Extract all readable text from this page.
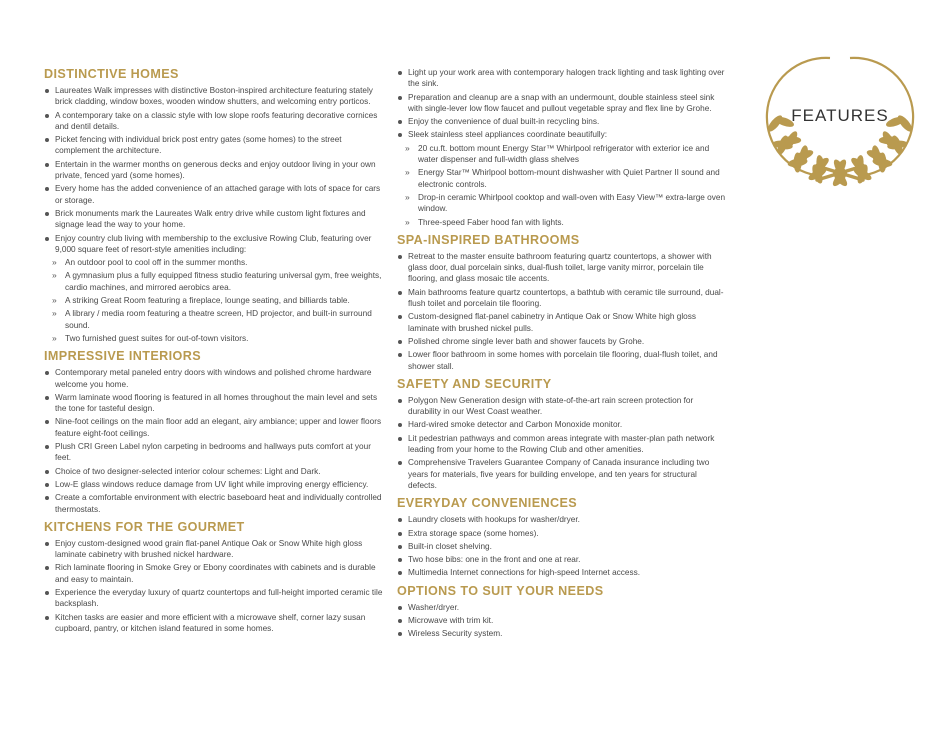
DISTINCTIVE HOMES
Laureates Walk impresses with distinctive Boston-inspired architecture featuring stately brick cladding, window boxes, wooden window shutters, and welcoming entry porticos.
A contemporary take on a classic style with low slope roofs featuring decorative cornices and dentil details.
Picket fencing with individual brick post entry gates (some homes) to the street complement the architecture.
Entertain in the warmer months on generous decks and enjoy outdoor living in your own private, fenced yard (some homes).
Every home has the added convenience of an attached garage with lots of space for cars or storage.
Brick monuments mark the Laureates Walk entry drive while custom light fixtures and signage lead the way to your home.
Enjoy country club living with membership to the exclusive Rowing Club, featuring over 9,000 square feet of resort-style amenities including:
» An outdoor pool to cool off in the summer months.
» A gymnasium plus a fully equipped fitness studio featuring universal gym, free weights, cardio machines, and mirrored aerobics area.
» A striking Great Room featuring a fireplace, lounge seating, and billiards table.
» A library / media room featuring a theatre screen, HD projector, and built-in surround sound.
» Two furnished guest suites for out-of-town visitors.
IMPRESSIVE INTERIORS
Contemporary metal paneled entry doors with windows and polished chrome hardware welcome you home.
Warm laminate wood flooring is featured in all homes throughout the main level and sets the tone for tasteful design.
Nine-foot ceilings on the main floor add an elegant, airy ambiance; upper and lower floors feature eight-foot ceilings.
Plush CRI Green Label nylon carpeting in bedrooms and hallways puts comfort at your feet.
Choice of two designer-selected interior colour schemes: Light and Dark.
Low-E glass windows reduce damage from UV light while improving energy efficiency.
Create a comfortable environment with electric baseboard heat and individually controlled thermostats.
KITCHENS FOR THE GOURMET
Enjoy custom-designed wood grain flat-panel Antique Oak or Snow White high gloss laminate cabinetry with brushed nickel hardware.
Rich laminate flooring in Smoke Grey or Ebony coordinates with cabinets and is durable and easy to maintain.
Experience the everyday luxury of quartz countertops and full-height imported ceramic tile backsplash.
Kitchen tasks are easier and more efficient with a microwave shelf, corner lazy susan cupboard, pantry, or kitchen island featured in some homes.
Light up your work area with contemporary halogen track lighting and task lighting over the sink.
Preparation and cleanup are a snap with an undermount, double stainless steel sink with single-lever low flow faucet and pullout vegetable spray and flex line by Grohe.
Enjoy the convenience of dual built-in recycling bins.
Sleek stainless steel appliances coordinate beautifully:
» 20 cu.ft. bottom mount Energy Star™ Whirlpool refrigerator with exterior ice and water dispenser and full-width glass shelves
» Energy Star™ Whirlpool bottom-mount dishwasher with Quiet Partner II sound and electronic controls.
» Drop-in ceramic Whirlpool cooktop and wall-oven with Easy View™ extra-large oven window.
» Three-speed Faber hood fan with lights.
SPA-INSPIRED BATHROOMS
Retreat to the master ensuite bathroom featuring quartz countertops, a shower with glass door, dual porcelain sinks, dual-flush toilet, large vanity mirror, porcelain tile flooring, and glass mosaic tile accents.
Main bathrooms feature quartz countertops, a bathtub with ceramic tile surround, dual-flush toilet and porcelain tile flooring.
Custom-designed flat-panel cabinetry in Antique Oak or Snow White high gloss laminate with brushed nickel pulls.
Polished chrome single lever bath and shower faucets by Grohe.
Lower floor bathroom in some homes with porcelain tile flooring, dual-flush toilet, and shower stall.
SAFETY AND SECURITY
Polygon New Generation design with state-of-the-art rain screen protection for durability in our West Coast weather.
Hard-wired smoke detector and Carbon Monoxide monitor.
Lit pedestrian pathways and common areas integrate with master-plan path network leading from your home to the Rowing Club and other amenities.
Comprehensive Travelers Guarantee Company of Canada insurance including two years for materials, five years for building envelope, and ten years for structural defects.
EVERYDAY CONVENIENCES
Laundry closets with hookups for washer/dryer.
Extra storage space (some homes).
Built-in closet shelving.
Two hose bibs: one in the front and one at rear.
Multimedia Internet connections for high-speed Internet access.
OPTIONS TO SUIT YOUR NEEDS
Washer/dryer.
Microwave with trim kit.
Wireless Security system.
FEATURES
